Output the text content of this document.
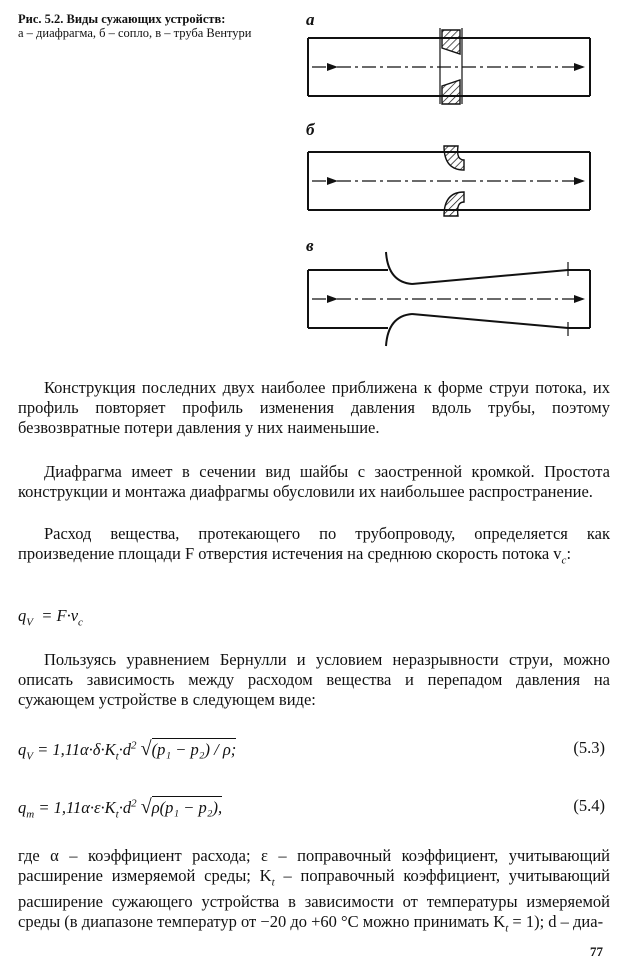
Рис. 5.2. Виды сужающих устройств:
а – диафрагма, б – сопло, в – труба Вентури
а
б
в
Конструкция последних двух наиболее приближена к форме струи потока, их профиль повторяет профиль изменения давления вдоль трубы, поэтому безвозвратные потери давления у них наименьшие.
Диафрагма имеет в сечении вид шайбы с заостренной кромкой. Простота конструкции и монтажа диафрагмы обусловили их наибольшее распространение.
Расход вещества, протекающего по трубопроводу, определяется как произведение площади F отверстия истечения на среднюю скорость потока $v_c$:
$q_V = F\cdot v_c$
Пользуясь уравнением Бернулли и условием неразрывности струи, можно описать зависимость между расходом вещества и перепадом давления на сужающем устройстве в следующем виде:
$q_V = 1,11\alpha\cdot\delta\cdot K_t\cdot d^2$ √(p₁ − p₂) / ρ;	(5.3)
$q_m = 1,11\alpha\cdot\varepsilon\cdot K_t\cdot d^2$ √ρ(p₁ − p₂),	(5.4)
где α – коэффициент расхода; ε – поправочный коэффициент, учитывающий расширение измеряемой среды; $K_t$ – поправочный коэффициент, учитывающий расширение сужающего устройства в зависимости от температуры измеряемой среды (в диапазоне температур от −20 до +60 °С можно принимать $K_t = 1$); d – диа-
77
